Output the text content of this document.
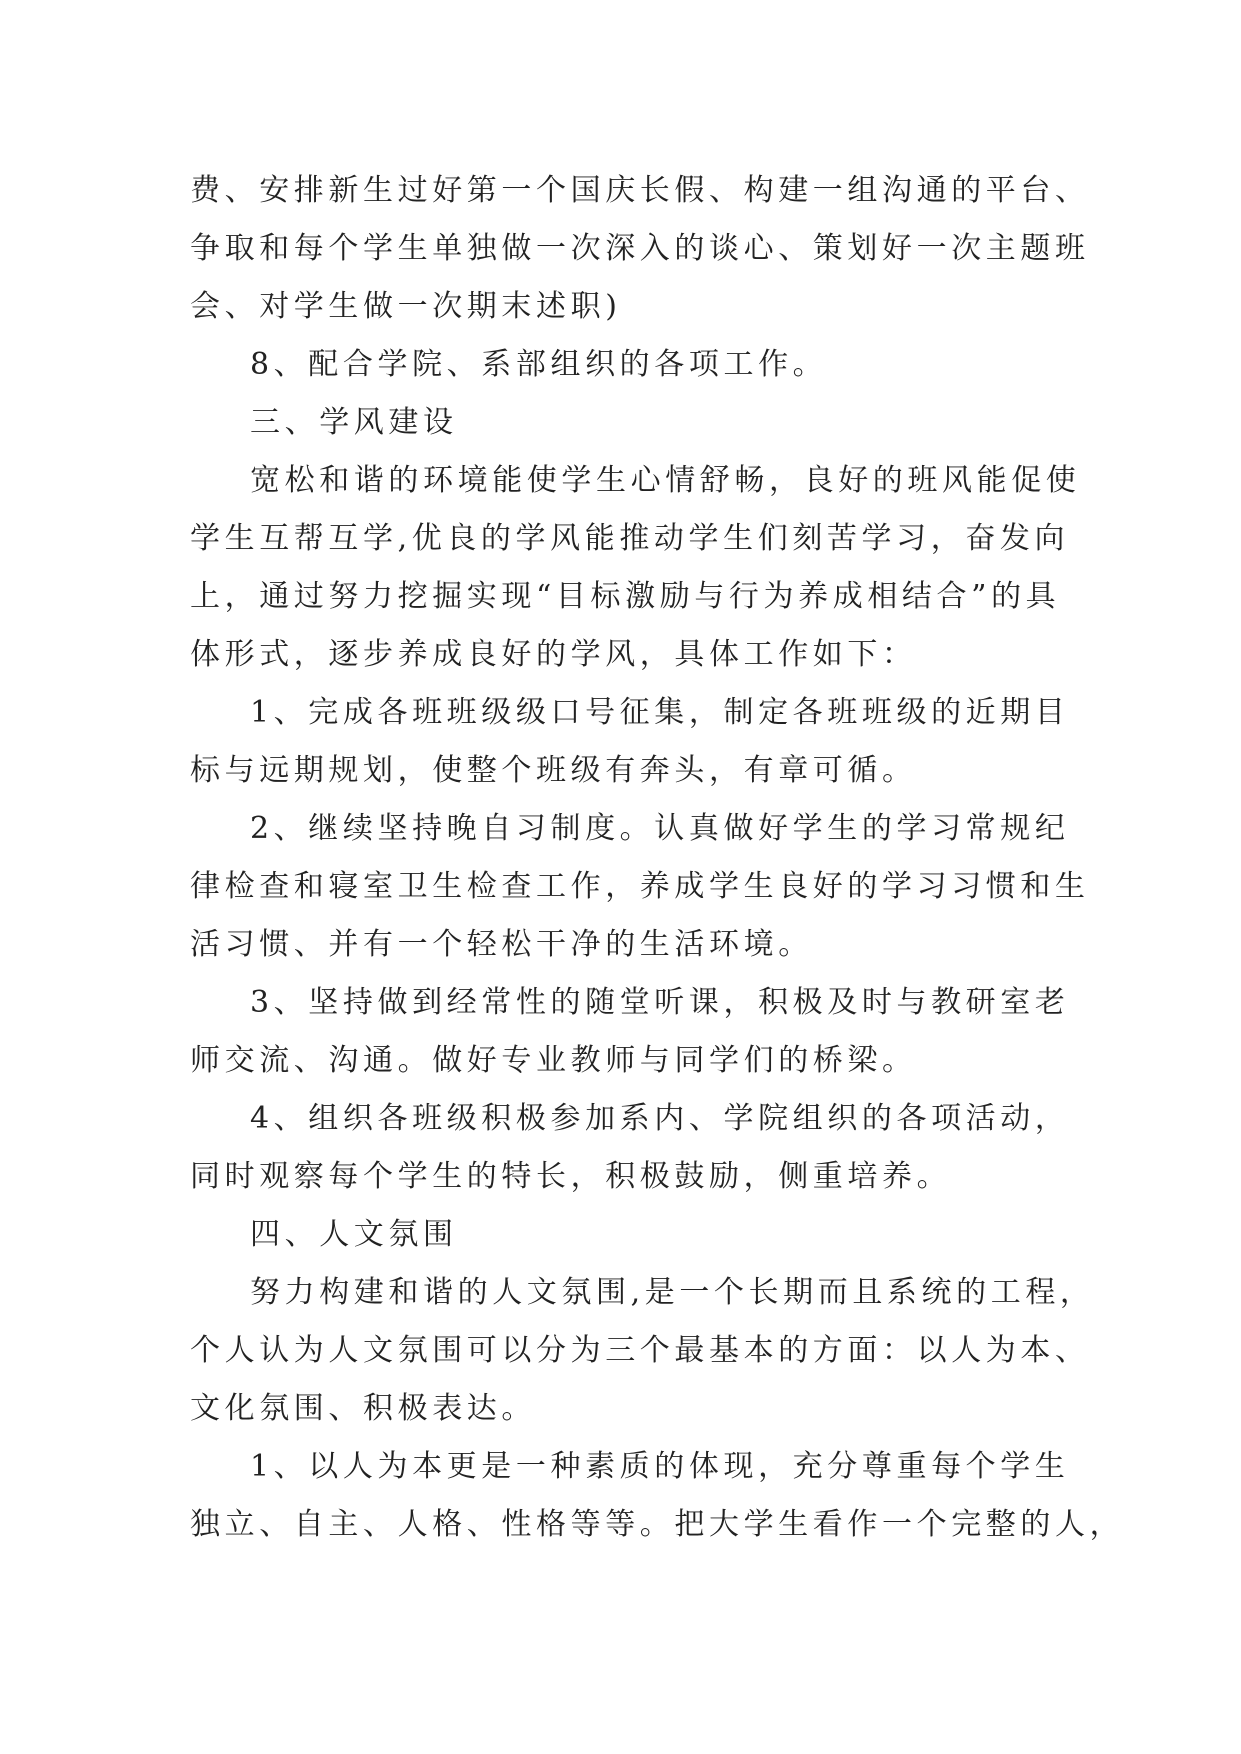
费、安排新生过好第一个国庆长假、构建一组沟通的平台、
争取和每个学生单独做一次深入的谈心、策划好一次主题班
会、对学生做一次期末述职)
8、配合学院、系部组织的各项工作。
三、学风建设
宽松和谐的环境能使学生心情舒畅，良好的班风能促使
学生互帮互学,优良的学风能推动学生们刻苦学习，奋发向
上，通过努力挖掘实现“目标激励与行为养成相结合”的具
体形式，逐步养成良好的学风，具体工作如下：
1、完成各班班级级口号征集，制定各班班级的近期目
标与远期规划，使整个班级有奔头，有章可循。
2、继续坚持晚自习制度。认真做好学生的学习常规纪
律检查和寝室卫生检查工作，养成学生良好的学习习惯和生
活习惯、并有一个轻松干净的生活环境。
3、坚持做到经常性的随堂听课，积极及时与教研室老
师交流、沟通。做好专业教师与同学们的桥梁。
4、组织各班级积极参加系内、学院组织的各项活动，
同时观察每个学生的特长，积极鼓励，侧重培养。
四、人文氛围
努力构建和谐的人文氛围,是一个长期而且系统的工程，
个人认为人文氛围可以分为三个最基本的方面：以人为本、
文化氛围、积极表达。
1、以人为本更是一种素质的体现，充分尊重每个学生
独立、自主、人格、性格等等。把大学生看作一个完整的人，
